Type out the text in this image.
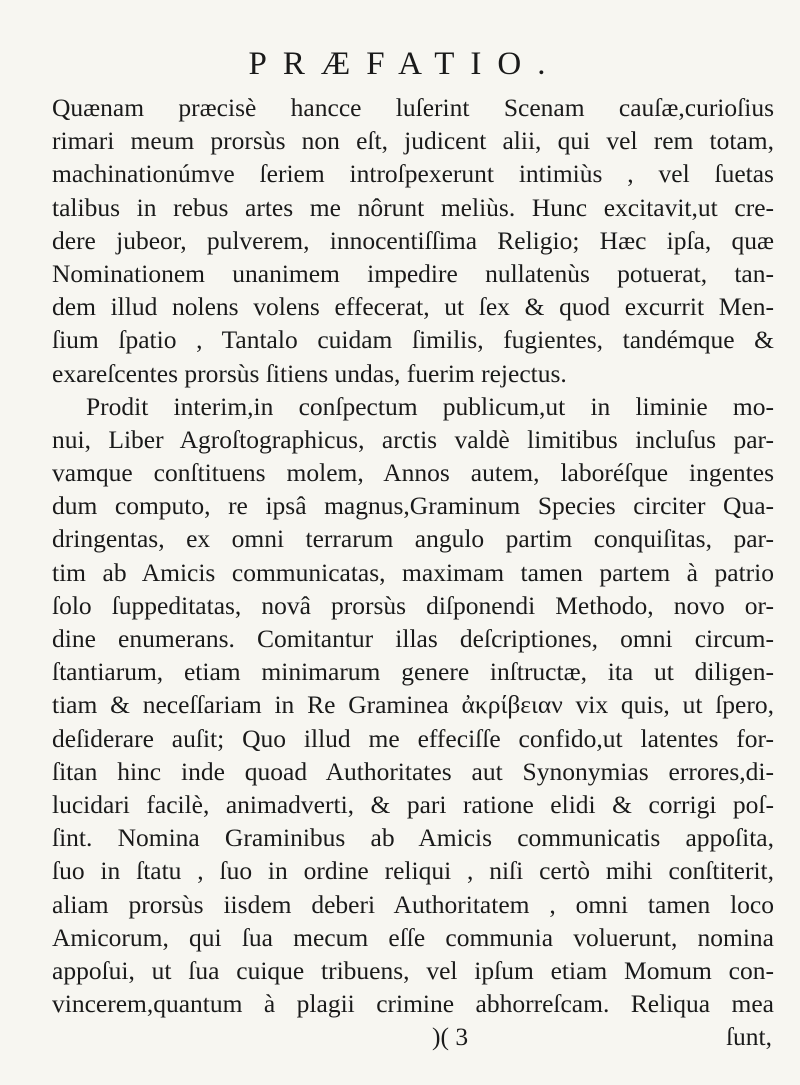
PRÆFATIO.
Quænam præcisè hancce luſerint Scenam cauſæ,curioſius
rimari meum prorsùs non eſt, judicent alii, qui vel rem totam,
machinationúmve ſeriem introſpexerunt intimiùs , vel ſuetas
talibus in rebus artes me nôrunt meliùs. Hunc excitavit,ut cre-
dere jubeor, pulverem, innocentiſſima Religio; Hæc ipſa, quæ
Nominationem unanimem impedire nullatenùs potuerat, tan-
dem illud nolens volens effecerat, ut ſex & quod excurrit Men-
ſium ſpatio , Tantalo cuidam ſimilis, fugientes, tandémque &
exareſcentes prorsùs ſitiens undas, fuerim rejectus.
Prodit interim,in conſpectum publicum,ut in liminie mo-
nui, Liber Agroſtographicus, arctis valdè limitibus incluſus par-
vamque conſtituens molem, Annos autem, laboréſque ingentes
dum computo, re ipsâ magnus,Graminum Species circiter Qua-
dringentas, ex omni terrarum angulo partim conquiſitas, par-
tim ab Amicis communicatas, maximam tamen partem à patrio
ſolo ſuppeditatas, novâ prorsùs diſponendi Methodo, novo or-
dine enumerans. Comitantur illas deſcriptiones, omni circum-
ſtantiarum, etiam minimarum genere inſtructæ, ita ut diligen-
tiam & neceſſariam in Re Graminea ἀκρίβειαν vix quis, ut ſpero,
deſiderare auſit; Quo illud me effeciſſe confido,ut latentes for-
ſitan hinc inde quoad Authoritates aut Synonymias errores,di-
lucidari facilè, animadverti, & pari ratione elidi & corrigi poſ-
ſint. Nomina Graminibus ab Amicis communicatis appoſita,
ſuo in ſtatu , ſuo in ordine reliqui , niſi certò mihi conſtiterit,
aliam prorsùs iisdem deberi Authoritatem , omni tamen loco
Amicorum, qui ſua mecum eſſe communia voluerunt, nomina
appoſui, ut ſua cuique tribuens, vel ipſum etiam Momum con-
vincerem,quantum à plagii crimine abhorreſcam. Reliqua mea
)( 3	ſunt,
